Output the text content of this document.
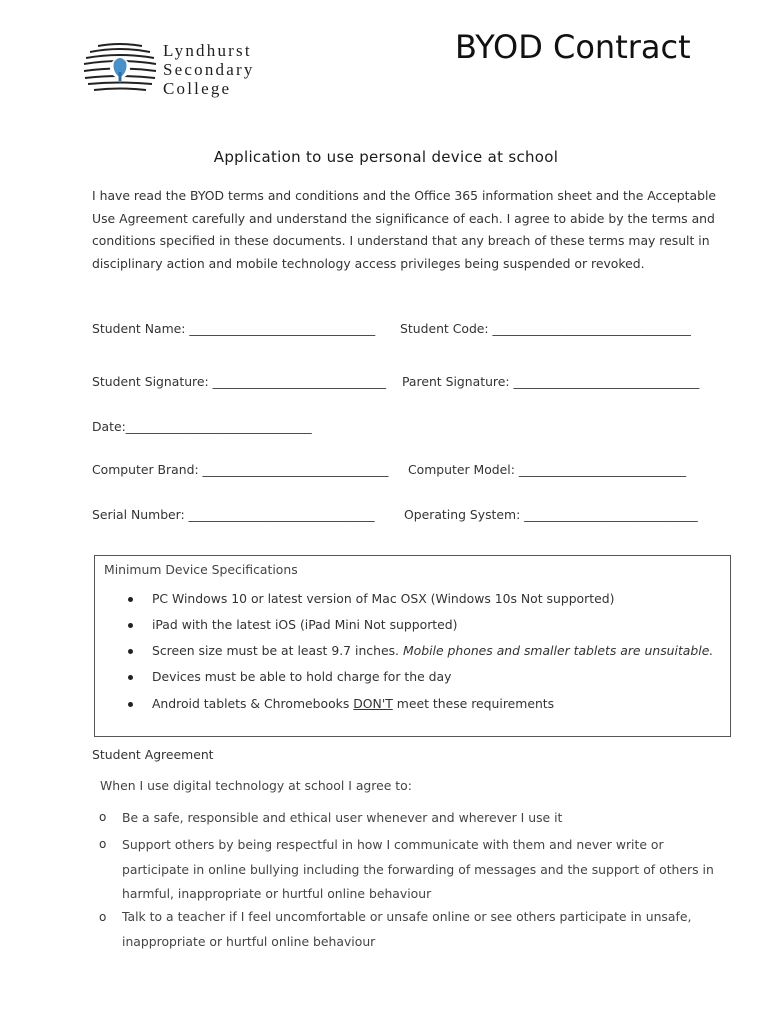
Lyndhurst
Secondary
College
BYOD Contract
Application to use personal device at school
I have read the BYOD terms and conditions and the Office 365 information sheet and the Acceptable Use Agreement carefully and understand the significance of each. I agree to abide by the terms and conditions specified in these documents. I understand that any breach of these terms may result in disciplinary action and mobile technology access privileges being suspended or revoked.
Student Name: ______________________________ Student Code: ________________________________
Student Signature: ____________________________ Parent Signature: ______________________________
Date:______________________________
Computer Brand: ______________________________ Computer Model: ___________________________
Serial Number: ______________________________ Operating System: ____________________________
Minimum Device Specifications
PC Windows 10 or latest version of Mac OSX (Windows 10s Not supported)
iPad with the latest iOS (iPad Mini Not supported)
Screen size must be at least 9.7 inches. Mobile phones and smaller tablets are unsuitable.
Devices must be able to hold charge for the day
Android tablets & Chromebooks DON'T meet these requirements
Student Agreement
When I use digital technology at school I agree to:
o Be a safe, responsible and ethical user whenever and wherever I use it
o Support others by being respectful in how I communicate with them and never write or participate in online bullying including the forwarding of messages and the support of others in harmful, inappropriate or hurtful online behaviour
o Talk to a teacher if I feel uncomfortable or unsafe online or see others participate in unsafe, inappropriate or hurtful online behaviour
